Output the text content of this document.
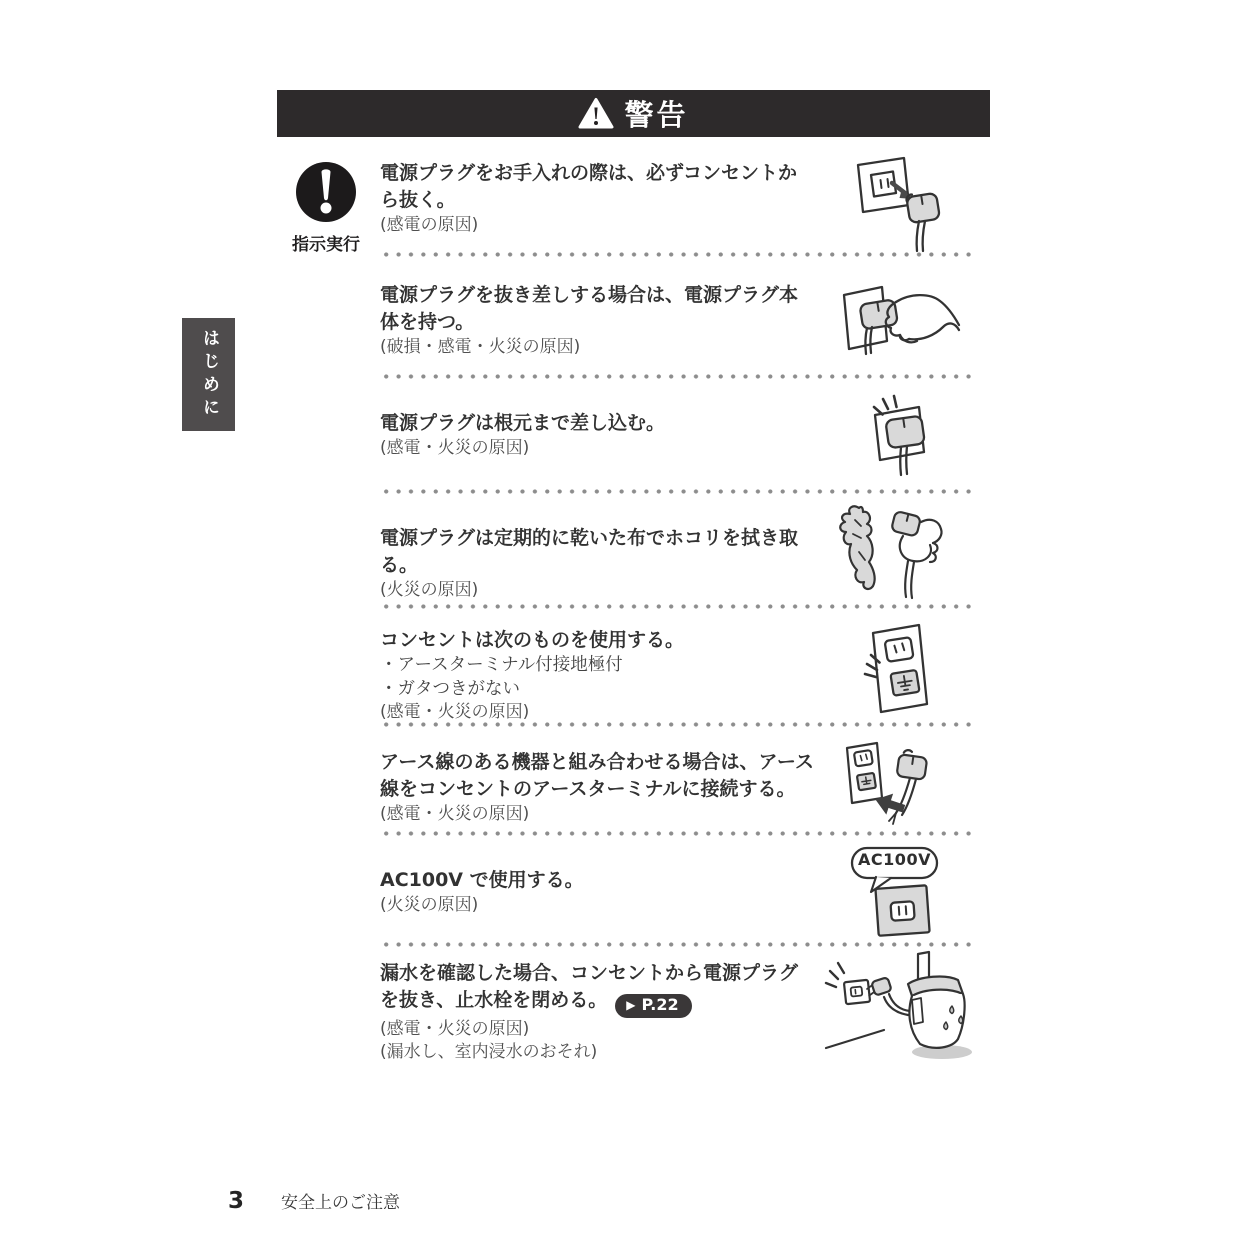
警告
はじめに
指示実行

電源プラグをお手入れの際は、必ずコンセントから抜く。

(感電の原因)

電源プラグを抜き差しする場合は、電源プラグ本体を持つ。

(破損・感電・火災の原因)

電源プラグは根元まで差し込む。

(感電・火災の原因)

電源プラグは定期的に乾いた布でホコリを拭き取る。

(火災の原因)

コンセントは次のものを使用する。

・アースターミナル付接地極付

・ガタつきがない

(感電・火災の原因)

アース線のある機器と組み合わせる場合は、アース線をコンセントのアースターミナルに接続する。

(感電・火災の原因)

AC100V で使用する。

(火災の原因)

AC100V

漏水を確認した場合、コンセントから電源プラグを抜き、止水栓を閉める。 ▶ P.22

(感電・火災の原因)

(漏水し、室内浸水のおそれ)

3 安全上のご注意
